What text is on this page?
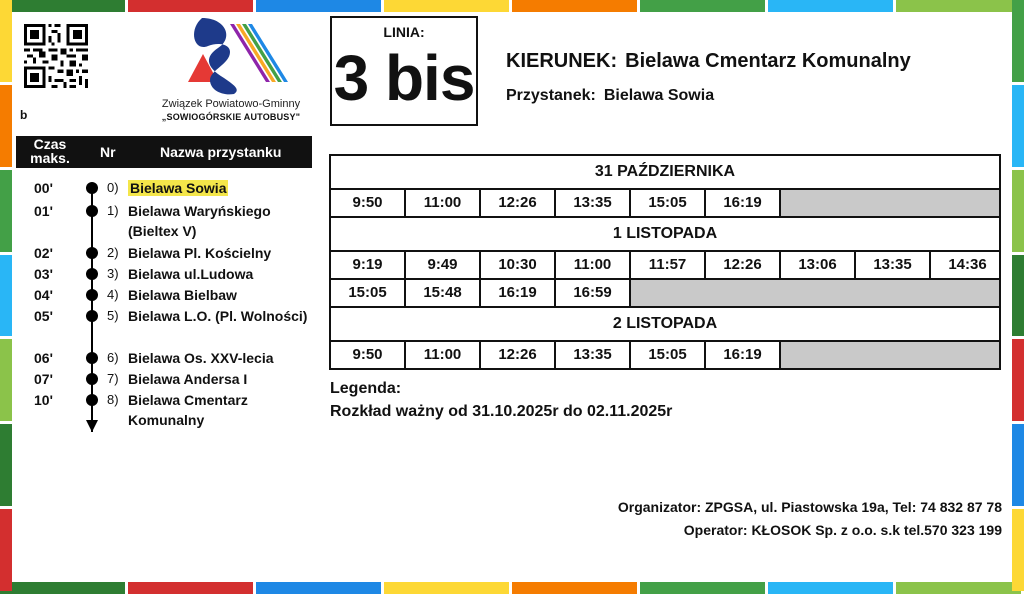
b
Związek Powiatowo-Gminny
„SOWIOGÓRSKIE AUTOBUSY"
Czas maks. Nr	Nazwa przystanku
00'	0) Bielawa Sowia
01'	1) Bielawa Waryńskiego (Bieltex V)
02'	2) Bielawa Pl. Kościelny
03'	3) Bielawa ul.Ludowa
04'	4) Bielawa Bielbaw
05'	5) Bielawa L.O. (Pl. Wolności)
06'	6) Bielawa Os. XXV-lecia
07'	7) Bielawa Andersa I
10'	8) Bielawa Cmentarz Komunalny
LINIA:
3 bis KIERUNEK: Bielawa Cmentarz Komunalny
Przystanek: Bielawa Sowia
31 PAŹDZIERNIKA
9:50	11:00	12:26	13:35	15:05	16:19
1 LISTOPADA
9:19	9:49	10:30	11:00	11:57	12:26	13:06	13:35	14:36
15:05	15:48	16:19	16:59
2 LISTOPADA
9:50	11:00	12:26	13:35	15:05	16:19
Legenda:
Rozkład ważny od 31.10.2025r do 02.11.2025r
Organizator: ZPGSA, ul. Piastowska 19a, Tel: 74 832 87 78
Operator: KŁOSOK Sp. z o.o. s.k tel.570 323 199
